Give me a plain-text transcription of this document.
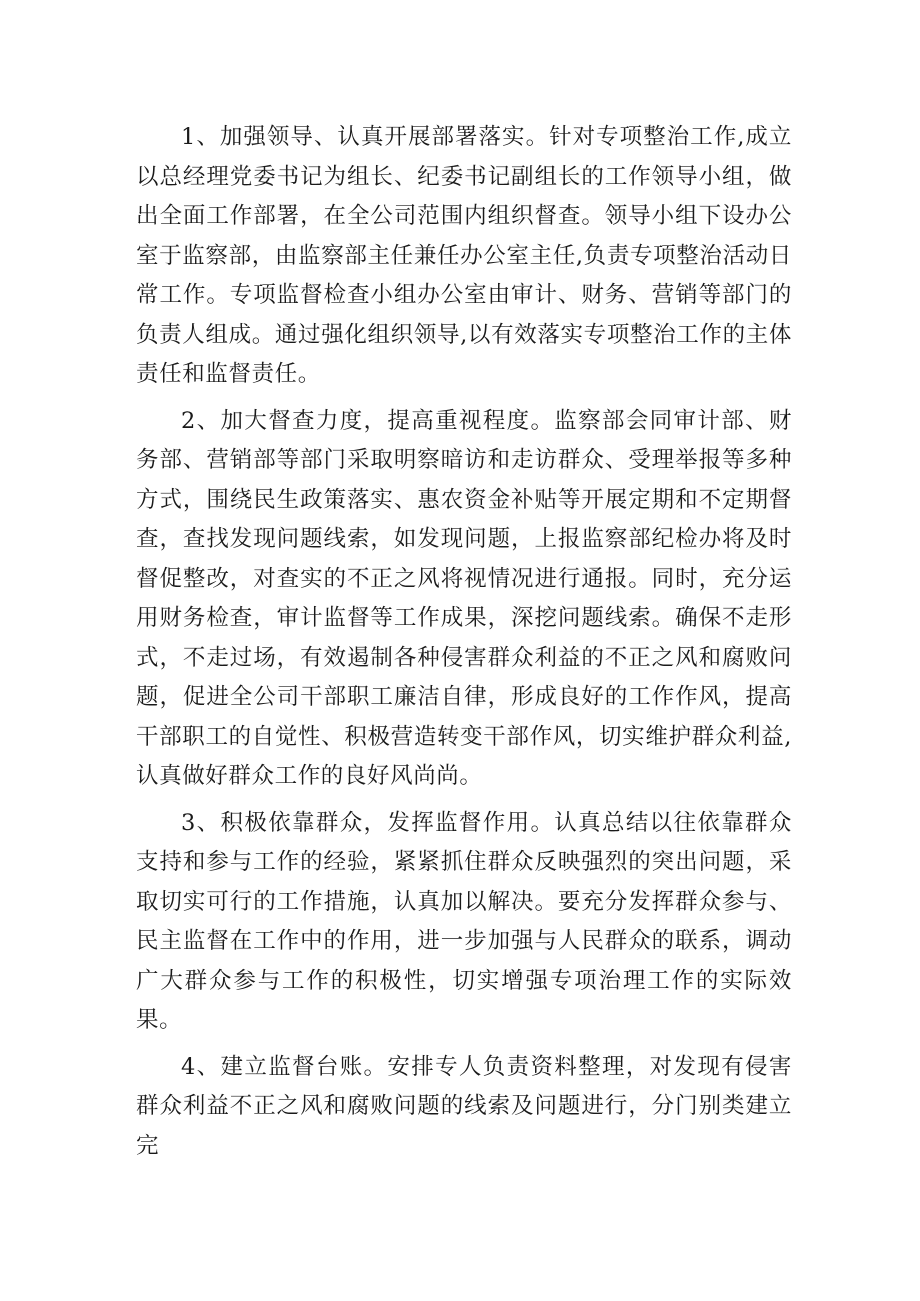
1、加强领导、认真开展部署落实。针对专项整治工作,成立以总经理党委书记为组长、纪委书记副组长的工作领导小组，做出全面工作部署，在全公司范围内组织督查。领导小组下设办公室于监察部，由监察部主任兼任办公室主任,负责专项整治活动日常工作。专项监督检查小组办公室由审计、财务、营销等部门的负责人组成。通过强化组织领导,以有效落实专项整治工作的主体责任和监督责任。

2、加大督查力度，提高重视程度。监察部会同审计部、财务部、营销部等部门采取明察暗访和走访群众、受理举报等多种方式，围绕民生政策落实、惠农资金补贴等开展定期和不定期督查，查找发现问题线索，如发现问题，上报监察部纪检办将及时督促整改，对查实的不正之风将视情况进行通报。同时，充分运用财务检查，审计监督等工作成果，深挖问题线索。确保不走形式，不走过场，有效遏制各种侵害群众利益的不正之风和腐败问题，促进全公司干部职工廉洁自律，形成良好的工作作风，提高干部职工的自觉性、积极营造转变干部作风，切实维护群众利益,认真做好群众工作的良好风尚尚。

3、积极依靠群众，发挥监督作用。认真总结以往依靠群众支持和参与工作的经验，紧紧抓住群众反映强烈的突出问题，采取切实可行的工作措施，认真加以解决。要充分发挥群众参与、民主监督在工作中的作用，进一步加强与人民群众的联系，调动广大群众参与工作的积极性，切实增强专项治理工作的实际效果。

4、建立监督台账。安排专人负责资料整理，对发现有侵害群众利益不正之风和腐败问题的线索及问题进行，分门别类建立完
